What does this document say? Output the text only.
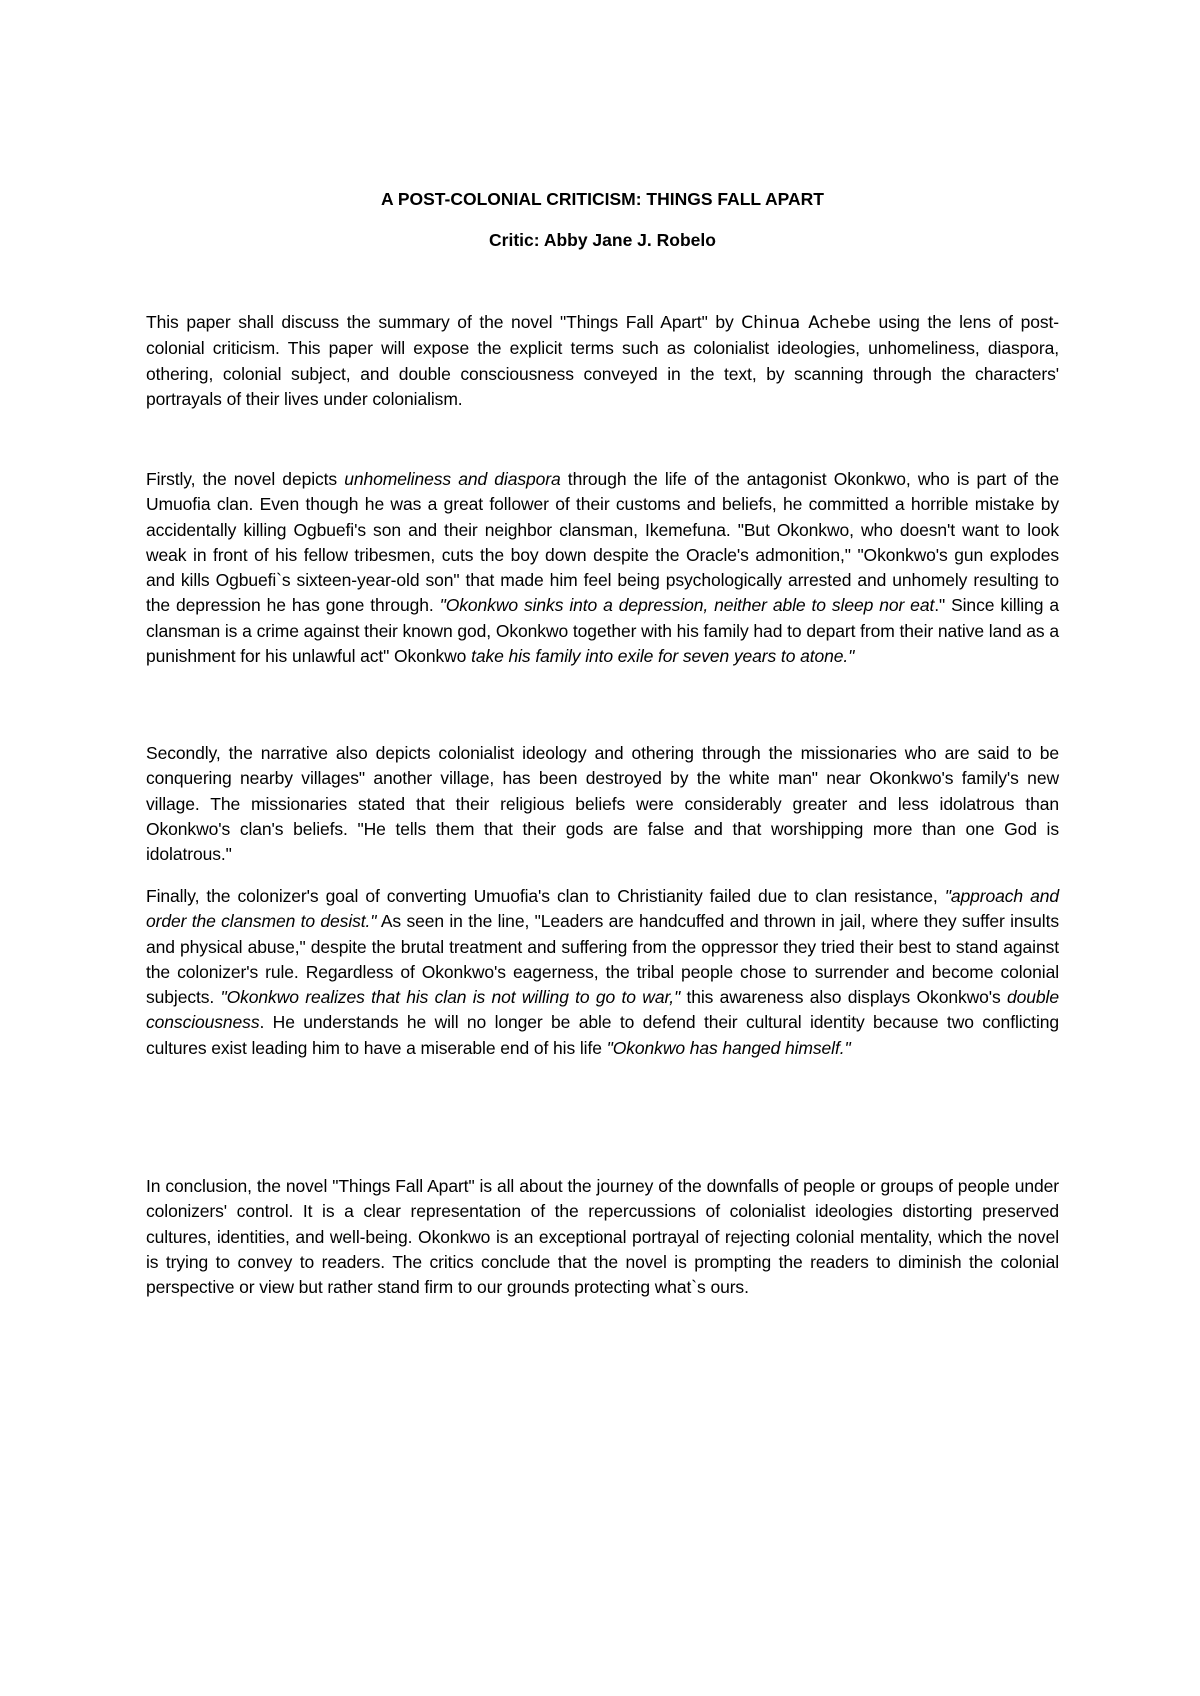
A POST-COLONIAL CRITICISM: THINGS FALL APART
Critic: Abby Jane J. Robelo

This paper shall discuss the summary of the novel "Things Fall Apart" by Chinua Achebe using the lens of post-colonial criticism. This paper will expose the explicit terms such as colonialist ideologies, unhomeliness, diaspora, othering, colonial subject, and double consciousness conveyed in the text, by scanning through the characters' portrayals of their lives under colonialism.

Firstly, the novel depicts unhomeliness and diaspora through the life of the antagonist Okonkwo, who is part of the Umuofia clan. Even though he was a great follower of their customs and beliefs, he committed a horrible mistake by accidentally killing Ogbuefi's son and their neighbor clansman, Ikemefuna. "But Okonkwo, who doesn't want to look weak in front of his fellow tribesmen, cuts the boy down despite the Oracle's admonition," "Okonkwo's gun explodes and kills Ogbuefi`s sixteen-year-old son" that made him feel being psychologically arrested and unhomely resulting to the depression he has gone through. "Okonkwo sinks into a depression, neither able to sleep nor eat." Since killing a clansman is a crime against their known god, Okonkwo together with his family had to depart from their native land as a punishment for his unlawful act" Okonkwo take his family into exile for seven years to atone."

Secondly, the narrative also depicts colonialist ideology and othering through the missionaries who are said to be conquering nearby villages" another village, has been destroyed by the white man" near Okonkwo's family's new village. The missionaries stated that their religious beliefs were considerably greater and less idolatrous than Okonkwo's clan's beliefs. "He tells them that their gods are false and that worshipping more than one God is idolatrous."

Finally, the colonizer's goal of converting Umuofia's clan to Christianity failed due to clan resistance, "approach and order the clansmen to desist." As seen in the line, "Leaders are handcuffed and thrown in jail, where they suffer insults and physical abuse," despite the brutal treatment and suffering from the oppressor they tried their best to stand against the colonizer's rule. Regardless of Okonkwo's eagerness, the tribal people chose to surrender and become colonial subjects. "Okonkwo realizes that his clan is not willing to go to war," this awareness also displays Okonkwo's double consciousness. He understands he will no longer be able to defend their cultural identity because two conflicting cultures exist leading him to have a miserable end of his life "Okonkwo has hanged himself."

In conclusion, the novel "Things Fall Apart" is all about the journey of the downfalls of people or groups of people under colonizers' control. It is a clear representation of the repercussions of colonialist ideologies distorting preserved cultures, identities, and well-being. Okonkwo is an exceptional portrayal of rejecting colonial mentality, which the novel is trying to convey to readers. The critics conclude that the novel is prompting the readers to diminish the colonial perspective or view but rather stand firm to our grounds protecting what`s ours.
